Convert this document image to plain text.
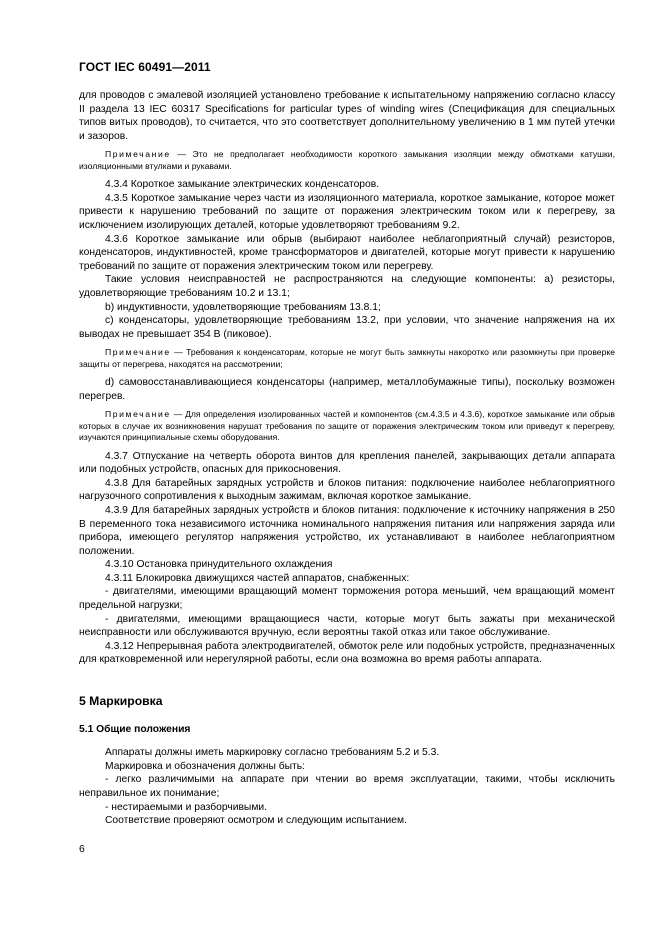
ГОСТ IEC 60491—2011

для проводов с эмалевой изоляцией установлено требование к испытательному напряжению согласно классу II раздела 13 IEC 60317 Specifications for particular types of winding wires (Спецификация для специальных типов витых проводов), то считается, что это соответствует дополнительному увеличению в 1 мм путей утечки и зазоров.

Примечание — Это не предполагает необходимости короткого замыкания изоляции между обмотками катушки, изоляционными втулками и рукавами.

4.3.4 Короткое замыкание электрических конденсаторов.

4.3.5 Короткое замыкание через части из изоляционного материала, короткое замыкание, которое может привести к нарушению требований по защите от поражения электрическим током или к перегреву, за исключением изолирующих деталей, которые удовлетворяют требованиям 9.2.

4.3.6 Короткое замыкание или обрыв (выбирают наиболее неблагоприятный случай) резисторов, конденсаторов, индуктивностей, кроме трансформаторов и двигателей, которые могут привести к нарушению требований по защите от поражения электрическим током или перегреву.

Такие условия неисправностей не распространяются на следующие компоненты: а) резисторы, удовлетворяющие требованиям 10.2 и 13.1;

b) индуктивности, удовлетворяющие требованиям 13.8.1;

с) конденсаторы, удовлетворяющие требованиям 13.2, при условии, что значение напряжения на их выводах не превышает 354 В (пиковое).

Примечание — Требования к конденсаторам, которые не могут быть замкнуты накоротко или разомкнуты при проверке защиты от перегрева, находятся на рассмотрении;

d) самовосстанавливающиеся конденсаторы (например, металлобумажные типы), поскольку возможен перегрев.

Примечание — Для определения изолированных частей и компонентов (см.4.3.5 и 4.3.6), короткое замыкание или обрыв которых в случае их возникновения нарушат требования по защите от поражения электрическим током или приведут к перегреву, изучаются принципиальные схемы оборудования.

4.3.7 Отпускание на четверть оборота винтов для крепления панелей, закрывающих детали аппарата или подобных устройств, опасных для прикосновения.

4.3.8 Для батарейных зарядных устройств и блоков питания: подключение наиболее неблагоприятного нагрузочного сопротивления к выходным зажимам, включая короткое замыкание.

4.3.9 Для батарейных зарядных устройств и блоков питания: подключение к источнику напряжения в 250 В переменного тока независимого источника номинального напряжения питания или напряжения заряда или прибора, имеющего регулятор напряжения устройство, их устанавливают в наиболее неблагоприятном положении.

4.3.10 Остановка принудительного охлаждения

4.3.11 Блокировка движущихся частей аппаратов, снабженных:

- двигателями, имеющими вращающий момент торможения ротора меньший, чем вращающий момент предельной нагрузки;

- двигателями, имеющими вращающиеся части, которые могут быть зажаты при механической неисправности или обслуживаются вручную, если вероятны такой отказ или такое обслуживание.

4.3.12 Непрерывная работа электродвигателей, обмоток реле или подобных устройств, предназначенных для кратковременной или нерегулярной работы, если она возможна во время работы аппарата.

5 Маркировка
5.1 Общие положения

Аппараты должны иметь маркировку согласно требованиям 5.2 и 5.3.

Маркировка и обозначения должны быть:

- легко различимыми на аппарате при чтении во время эксплуатации, такими, чтобы исключить неправильное их понимание;

- нестираемыми и разборчивыми.

Соответствие проверяют осмотром и следующим испытанием.

6
